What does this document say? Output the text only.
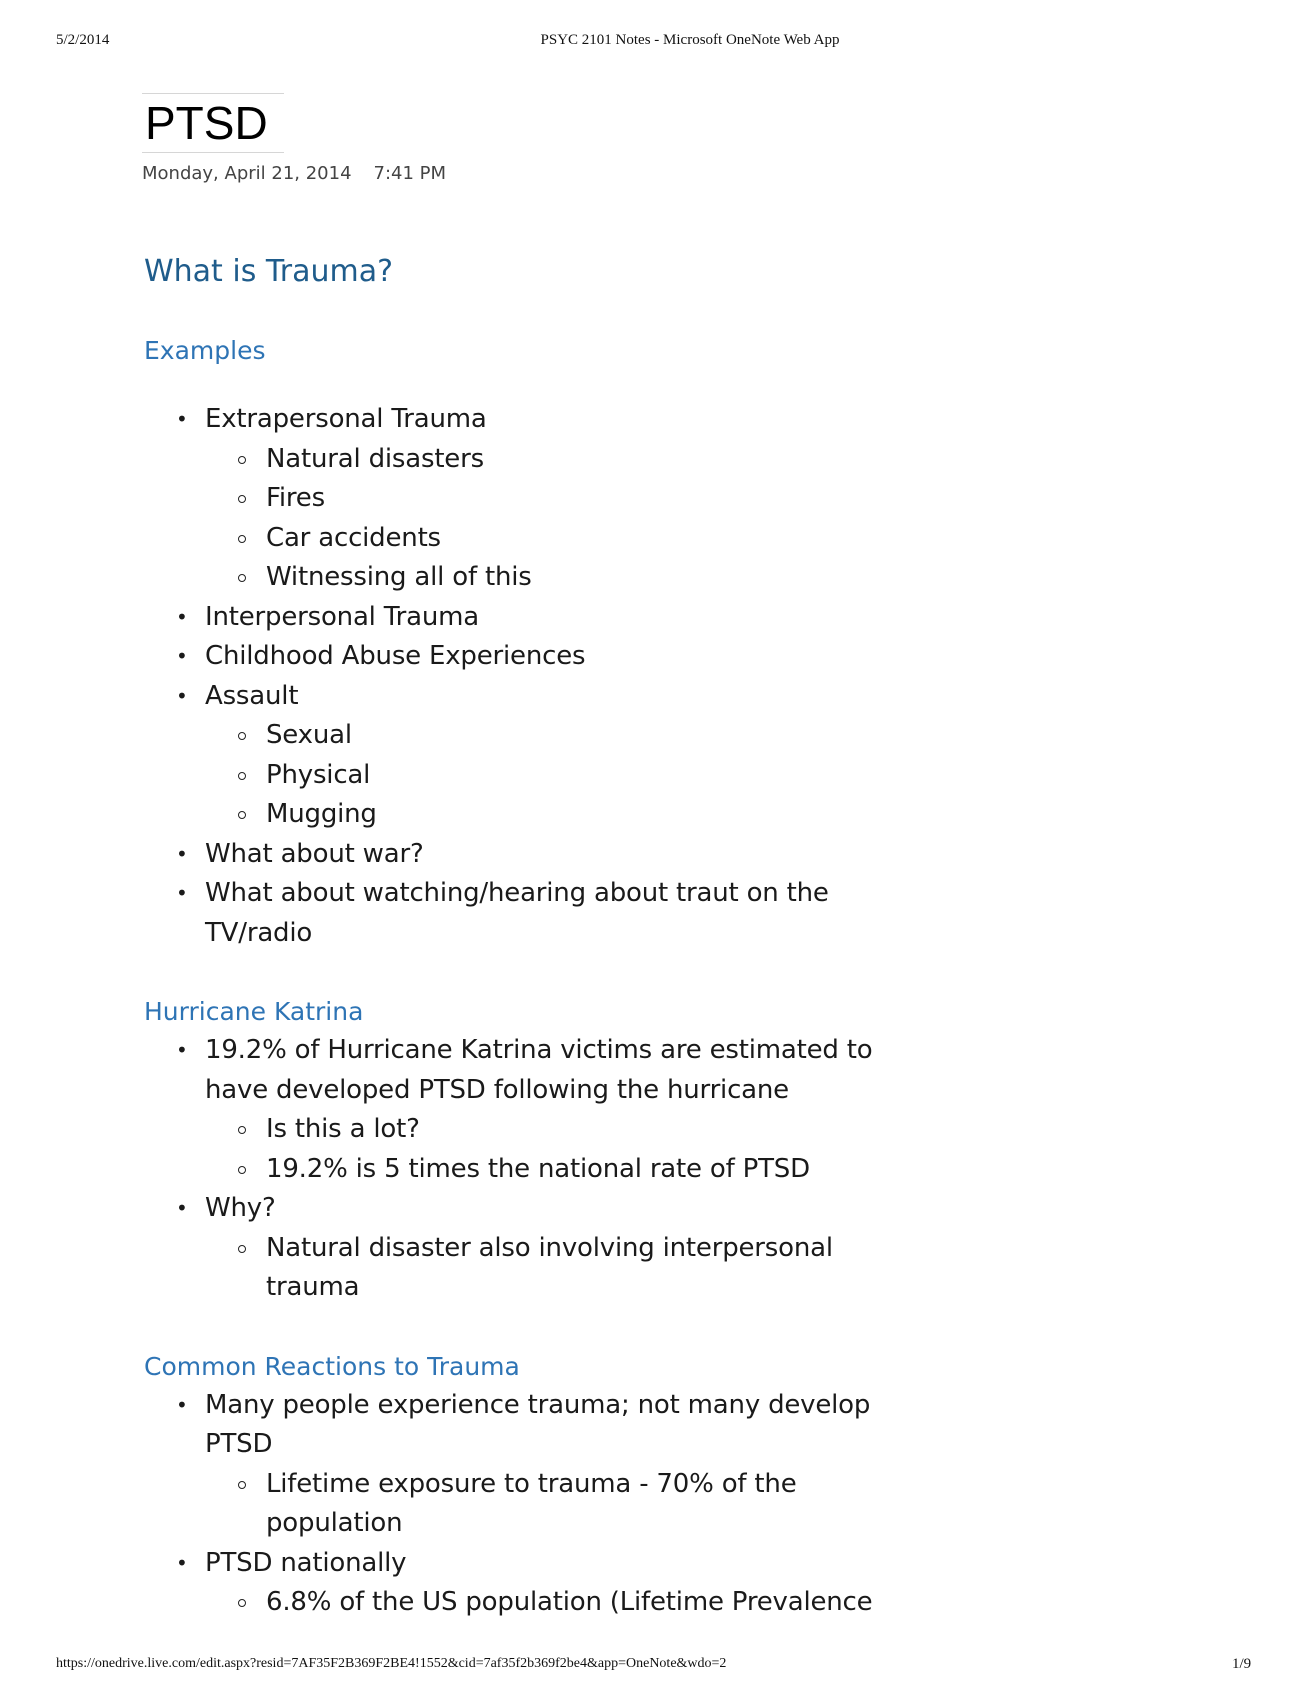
5/2/2014	PSYC 2101 Notes - Microsoft OneNote Web App
PTSD
Monday, April 21, 2014 7:41 PM
What is Trauma?
Examples
• Extrapersonal Trauma
Natural disasters
Fires
Car accidents
Witnessing all of this
• Interpersonal Trauma
• Childhood Abuse Experiences
• Assault
Sexual
Physical
Mugging
• What about war?
• What about watching/hearing about traut on the TV/radio
Hurricane Katrina
• 19.2% of Hurricane Katrina victims are estimated to have developed PTSD following the hurricane
Is this a lot?
19.2% is 5 times the national rate of PTSD
• Why?
Natural disaster also involving interpersonal trauma
Common Reactions to Trauma
• Many people experience trauma; not many develop PTSD
Lifetime exposure to trauma - 70% of the population
• PTSD nationally
6.8% of the US population (Lifetime Prevalence
https://onedrive.live.com/edit.aspx?resid=7AF35F2B369F2BE4!1552&cid=7af35f2b369f2be4&app=OneNote&wdo=2	1/9
